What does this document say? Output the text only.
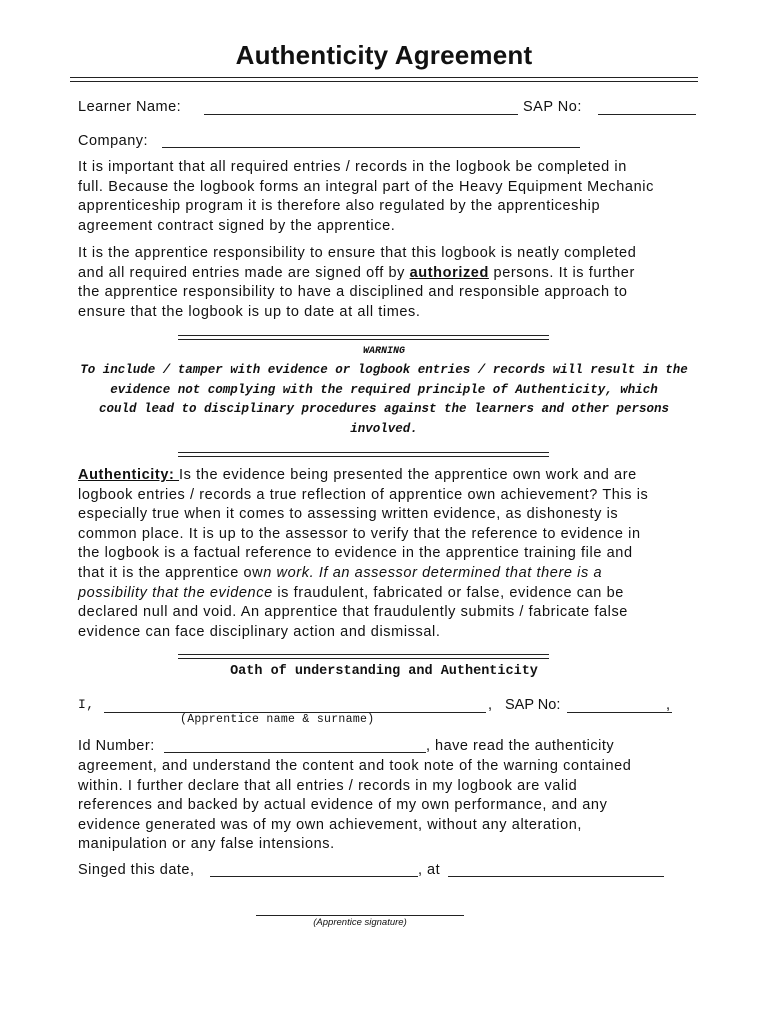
Authenticity Agreement
Learner Name:	SAP No:
Company:
It is important that all required entries / records in the logbook be completed in
full. Because the logbook forms an integral part of the Heavy Equipment Mechanic
apprenticeship program it is therefore also regulated by the apprenticeship
agreement contract signed by the apprentice.
It is the apprentice responsibility to ensure that this logbook is neatly completed
and all required entries made are signed off by authorized persons. It is further
the apprentice responsibility to have a disciplined and responsible approach to
ensure that the logbook is up to date at all times.
WARNING
To include / tamper with evidence or logbook entries / records will result in the
evidence not complying with the required principle of Authenticity, which
could lead to disciplinary procedures against the learners and other persons
involved.
Authenticity: Is the evidence being presented the apprentice own work and are
logbook entries / records a true reflection of apprentice own achievement? This is
especially true when it comes to assessing written evidence, as dishonesty is
common place. It is up to the assessor to verify that the reference to evidence in
the logbook is a factual reference to evidence in the apprentice training file and
that it is the apprentice own work. If an assessor determined that there is a
possibility that the evidence is fraudulent, fabricated or false, evidence can be
declared null and void. An apprentice that fraudulently submits / fabricate false
evidence can face disciplinary action and dismissal.
Oath of understanding and Authenticity
I,	, SAP No:	,
(Apprentice name & surname)
Id Number:	, have read the authenticity
agreement, and understand the content and took note of the warning contained
within. I further declare that all entries / records in my logbook are valid
references and backed by actual evidence of my own performance, and any
evidence generated was of my own achievement, without any alteration,
manipulation or any false intensions.
Singed this date,	, at
(Apprentice signature)
